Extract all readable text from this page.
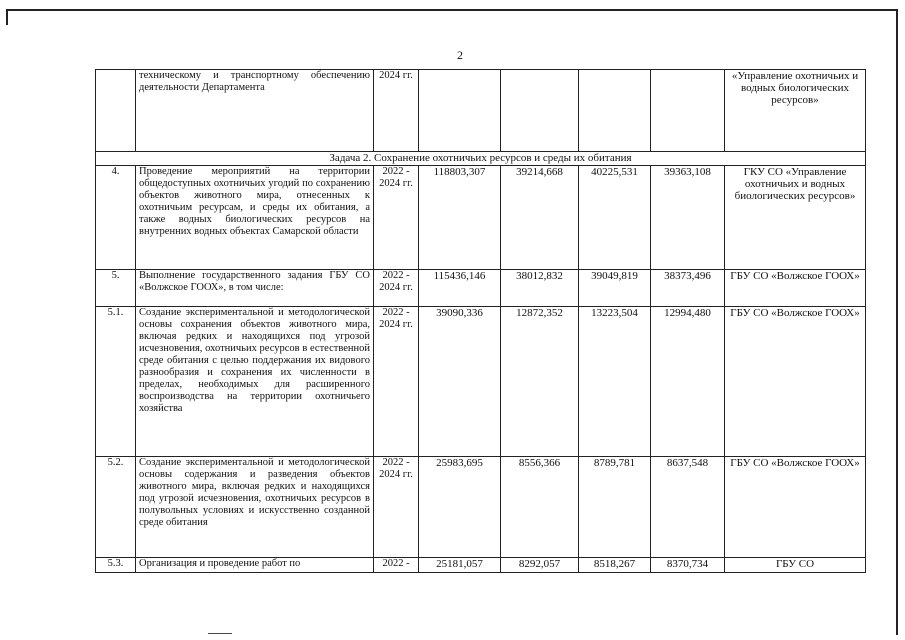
2
	техническому и транспортному обеспечению деятельности Департамента	2024 гг.					«Управление охотничьих и водных биологических ресурсов»
Задача 2. Сохранение охотничьих ресурсов и среды их обитания							
4.	Проведение мероприятий на территории общедоступных охотничьих угодий по сохранению объектов животного мира, отнесенных к охотничьим ресурсам, и среды их обитания, а также водных биологических ресурсов на внутренних водных объектах Самарской области	2022 - 2024 гг.	118803,307	39214,668	40225,531	39363,108	ГКУ СО «Управление охотничьих и водных биологических ресурсов»
5.	Выполнение государственного задания ГБУ СО «Волжское ГООХ», в том числе:	2022 - 2024 гг.	115436,146	38012,832	39049,819	38373,496	ГБУ СО «Волжское ГООХ»
5.1.	Создание экспериментальной и методологической основы сохранения объектов животного мира, включая редких и находящихся под угрозой исчезновения, охотничьих ресурсов в естественной среде обитания с целью поддержания их видового разнообразия и сохранения их численности в пределах, необходимых для расширенного воспроизводства на территории охотничьего хозяйства	2022 - 2024 гг.	39090,336	12872,352	13223,504	12994,480	ГБУ СО «Волжское ГООХ»
5.2.	Создание экспериментальной и методологической основы содержания и разведения объектов животного мира, включая редких и находящихся под угрозой исчезновения, охотничьих ресурсов в полувольных условиях и искусственно созданной среде обитания	2022 - 2024 гг.	25983,695	8556,366	8789,781	8637,548	ГБУ СО «Волжское ГООХ»
5.3.	Организация и проведение работ по	2022 -	25181,057	8292,057	8518,267	8370,734	ГБУ СО
